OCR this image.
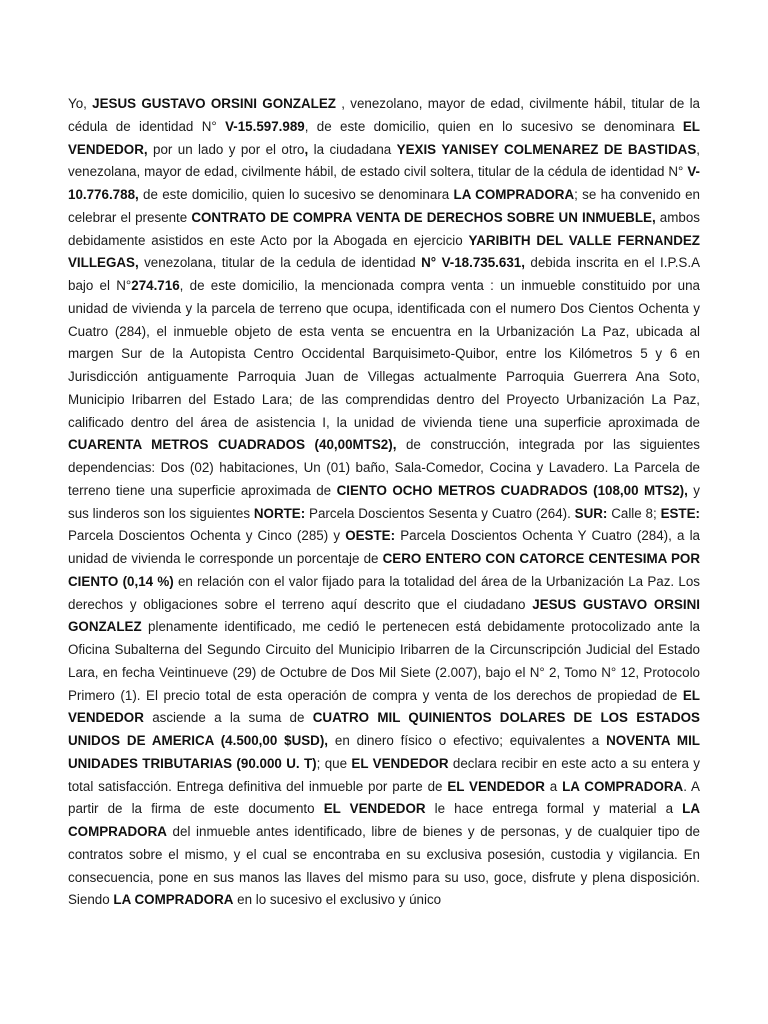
Yo, JESUS GUSTAVO ORSINI GONZALEZ , venezolano, mayor de edad, civilmente hábil, titular de la cédula de identidad N° V-15.597.989, de este domicilio, quien en lo sucesivo se denominara EL VENDEDOR, por un lado y por el otro, la ciudadana YEXIS YANISEY COLMENAREZ DE BASTIDAS, venezolana, mayor de edad, civilmente hábil, de estado civil soltera, titular de la cédula de identidad N° V-10.776.788, de este domicilio, quien lo sucesivo se denominara LA COMPRADORA; se ha convenido en celebrar el presente CONTRATO DE COMPRA VENTA DE DERECHOS SOBRE UN INMUEBLE, ambos debidamente asistidos en este Acto por la Abogada en ejercicio YARIBITH DEL VALLE FERNANDEZ VILLEGAS, venezolana, titular de la cedula de identidad N° V-18.735.631, debida inscrita en el I.P.S.A bajo el N°274.716, de este domicilio, la mencionada compra venta : un inmueble constituido por una unidad de vivienda y la parcela de terreno que ocupa, identificada con el numero Dos Cientos Ochenta y Cuatro (284), el inmueble objeto de esta venta se encuentra en la Urbanización La Paz, ubicada al margen Sur de la Autopista Centro Occidental Barquisimeto-Quibor, entre los Kilómetros 5 y 6 en Jurisdicción antiguamente Parroquia Juan de Villegas actualmente Parroquia Guerrera Ana Soto, Municipio Iribarren del Estado Lara; de las comprendidas dentro del Proyecto Urbanización La Paz, calificado dentro del área de asistencia I, la unidad de vivienda tiene una superficie aproximada de CUARENTA METROS CUADRADOS (40,00MTS2), de construcción, integrada por las siguientes dependencias: Dos (02) habitaciones, Un (01) baño, Sala-Comedor, Cocina y Lavadero. La Parcela de terreno tiene una superficie aproximada de CIENTO OCHO METROS CUADRADOS (108,00 MTS2), y sus linderos son los siguientes NORTE: Parcela Doscientos Sesenta y Cuatro (264). SUR: Calle 8; ESTE: Parcela Doscientos Ochenta y Cinco (285) y OESTE: Parcela Doscientos Ochenta Y Cuatro (284), a la unidad de vivienda le corresponde un porcentaje de CERO ENTERO CON CATORCE CENTESIMA POR CIENTO (0,14 %) en relación con el valor fijado para la totalidad del área de la Urbanización La Paz. Los derechos y obligaciones sobre el terreno aquí descrito que el ciudadano JESUS GUSTAVO ORSINI GONZALEZ plenamente identificado, me cedió le pertenecen está debidamente protocolizado ante la Oficina Subalterna del Segundo Circuito del Municipio Iribarren de la Circunscripción Judicial del Estado Lara, en fecha Veintinueve (29) de Octubre de Dos Mil Siete (2.007), bajo el N° 2, Tomo N° 12, Protocolo Primero (1). El precio total de esta operación de compra y venta de los derechos de propiedad de EL VENDEDOR asciende a la suma de CUATRO MIL QUINIENTOS DOLARES DE LOS ESTADOS UNIDOS DE AMERICA (4.500,00 $USD), en dinero físico o efectivo; equivalentes a NOVENTA MIL UNIDADES TRIBUTARIAS (90.000 U. T); que EL VENDEDOR declara recibir en este acto a su entera y total satisfacción. Entrega definitiva del inmueble por parte de EL VENDEDOR a LA COMPRADORA. A partir de la firma de este documento EL VENDEDOR le hace entrega formal y material a LA COMPRADORA del inmueble antes identificado, libre de bienes y de personas, y de cualquier tipo de contratos sobre el mismo, y el cual se encontraba en su exclusiva posesión, custodia y vigilancia. En consecuencia, pone en sus manos las llaves del mismo para su uso, goce, disfrute y plena disposición. Siendo LA COMPRADORA en lo sucesivo el exclusivo y único
